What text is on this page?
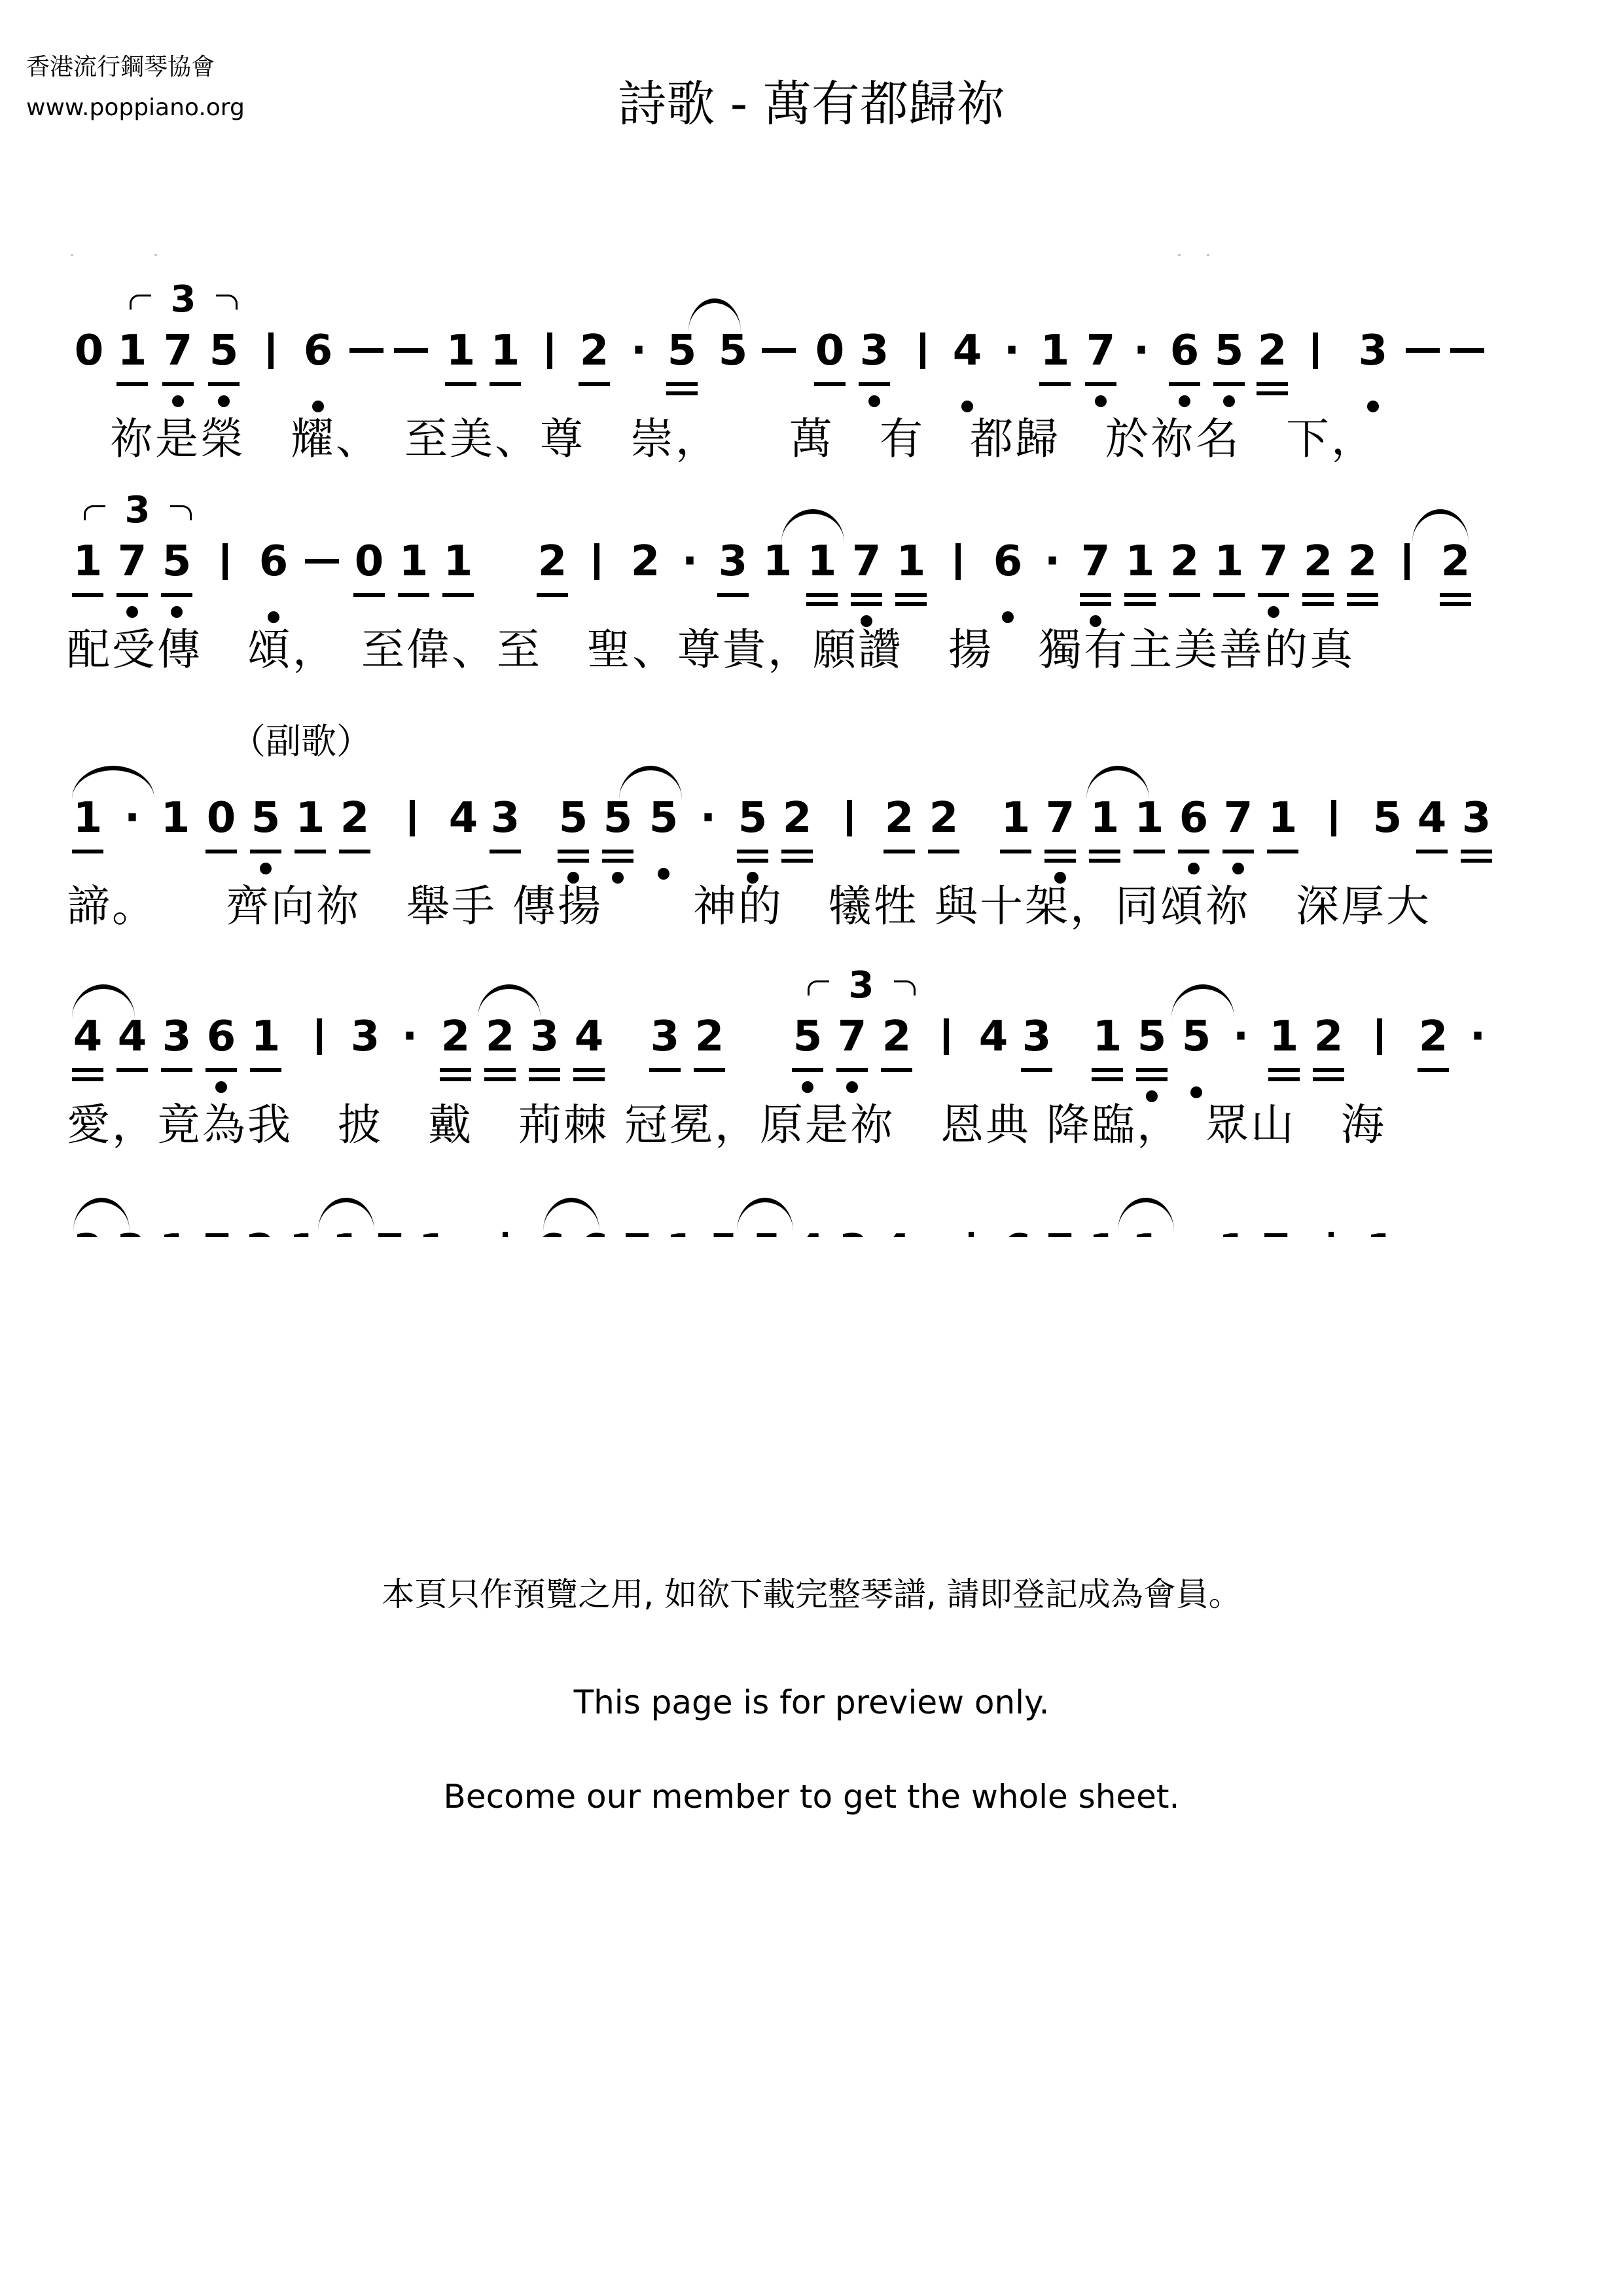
香港流行鋼琴協會
www.poppiano.org	詩歌 - 萬有都歸祢
3
0 1 7 5 6	1 1 2 · 5 5 0 3 4 · 1 7 · 6 5 2 3
祢是榮　耀、　至美、尊　崇，　　萬　有　都歸　於祢名　下，
3
1 7 5 6 0 1 1 2 2 · 3 1 1 7 1 6 · 7 1 2 1 7 2 2 2
配受傳　頌，　至偉、至　聖、尊貴，願讚　揚　獨有主美善的真
（副歌）
1 · 1 0 5 1 2 4 3 5 5 5 · 5 2 2 2 1 7 1 1 6 7 1 5 4 3
諦。　　齊向祢　舉手 傳揚　　神的　犧牲 與十架，同頌祢　深厚大
3
4 4 3 6 1 3 · 2 2 3 4 3 2 5 7 2 4 3 1 5 5 · 1 2 2 ·
愛，竟為我　披　戴　荊棘 冠冕，原是祢　恩典 降臨，　眾山　海
本頁只作預覽之用, 如欲下載完整琴譜, 請即登記成為會員。
This page is for preview only.
Become our member to get the whole sheet.
